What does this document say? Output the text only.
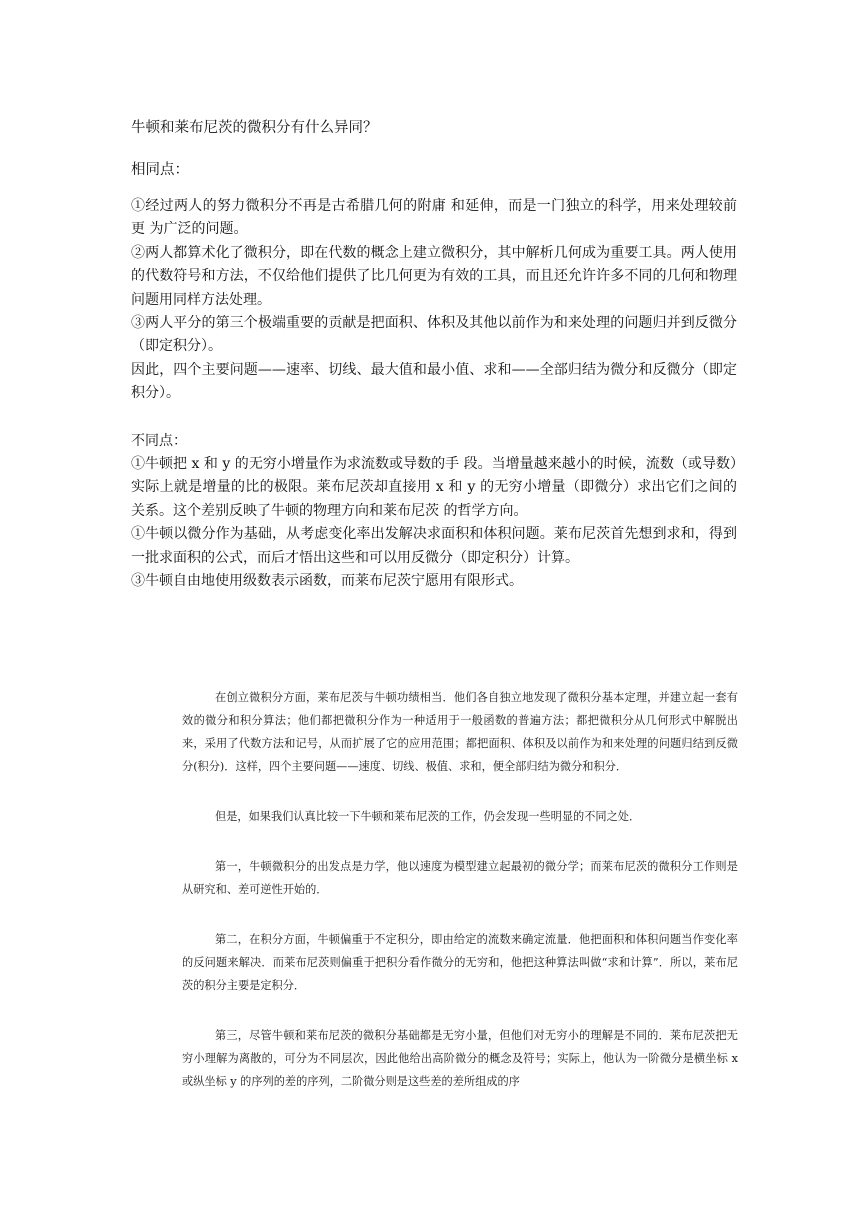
牛顿和莱布尼茨的微积分有什么异同？
相同点：

①经过两人的努力微积分不再是古希腊几何的附庸 和延伸，而是一门独立的科学，用来处理较前更 为广泛的问题。

②两人都算术化了微积分，即在代数的概念上建立微积分，其中解析几何成为重要工具。两人使用的代数符号和方法，不仅给他们提供了比几何更为有效的工具，而且还允许许多不同的几何和物理问题用同样方法处理。

③两人平分的第三个极端重要的贡献是把面积、体积及其他以前作为和来处理的问题归并到反微分（即定积分）。

因此，四个主要问题——速率、切线、最大值和最小值、求和——全部归结为微分和反微分（即定积分）。

不同点：

①牛顿把 x 和 y 的无穷小增量作为求流数或导数的手 段。当增量越来越小的时候，流数（或导数）实际上就是增量的比的极限。莱布尼茨却直接用 x 和 y 的无穷小增量（即微分）求出它们之间的关系。这个差别反映了牛顿的物理方向和莱布尼茨 的哲学方向。

①牛顿以微分作为基础，从考虑变化率出发解决求面积和体积问题。莱布尼茨首先想到求和，得到一批求面积的公式，而后才悟出这些和可以用反微分（即定积分）计算。

③牛顿自由地使用级数表示函数，而莱布尼茨宁愿用有限形式。

在创立微积分方面，莱布尼茨与牛顿功绩相当．他们各自独立地发现了微积分基本定理，并建立起一套有效的微分和积分算法；他们都把微积分作为一种适用于一般函数的普遍方法；都把微积分从几何形式中解脱出来，采用了代数方法和记号，从而扩展了它的应用范围；都把面积、体积及以前作为和来处理的问题归结到反微分(积分)．这样，四个主要问题——速度、切线、极值、求和，便全部归结为微分和积分．

但是，如果我们认真比较一下牛顿和莱布尼茨的工作，仍会发现一些明显的不同之处．

第一，牛顿微积分的出发点是力学，他以速度为模型建立起最初的微分学；而莱布尼茨的微积分工作则是从研究和、差可逆性开始的．

第二，在积分方面，牛顿偏重于不定积分，即由给定的流数来确定流量．他把面积和体积问题当作变化率的反问题来解决．而莱布尼茨则偏重于把积分看作微分的无穷和，他把这种算法叫做“求和计算”．所以，莱布尼茨的积分主要是定积分．

第三，尽管牛顿和莱布尼茨的微积分基础都是无穷小量，但他们对无穷小的理解是不同的．莱布尼茨把无穷小理解为离散的，可分为不同层次，因此他给出高阶微分的概念及符号；实际上，他认为一阶微分是横坐标 x 或纵坐标 y 的序列的差的序列，二阶微分则是这些差的差所组成的序
